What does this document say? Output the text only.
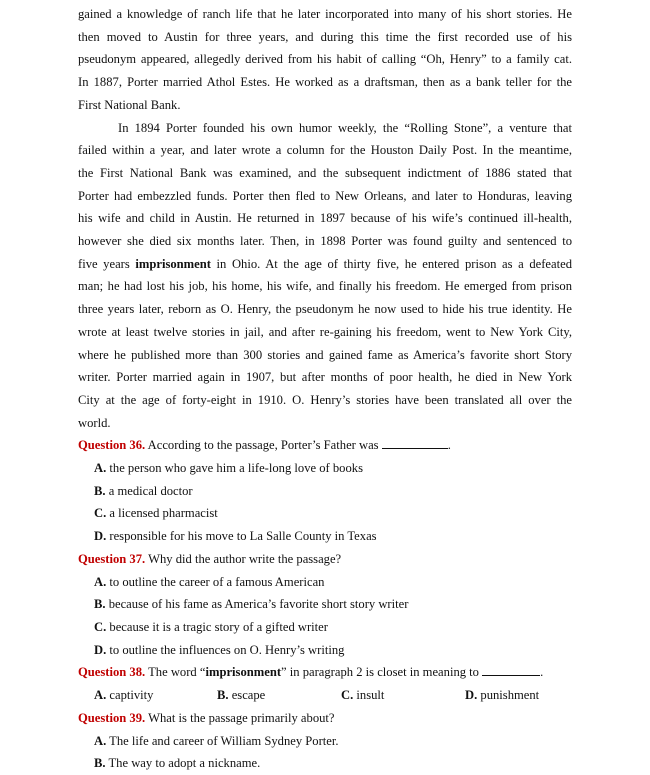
gained a knowledge of ranch life that he later incorporated into many of his short stories. He
then moved to Austin for three years, and during this time the first recorded use of his
pseudonym appeared, allegedly derived from his habit of calling “Oh, Henry” to a family cat.
In 1887, Porter married Athol Estes. He worked as a draftsman, then as a bank teller for the
First National Bank.
In 1894 Porter founded his own humor weekly, the “Rolling Stone”, a venture that
failed within a year, and later wrote a column for the Houston Daily Post. In the meantime,
the First National Bank was examined, and the subsequent indictment of 1886 stated that
Porter had embezzled funds. Porter then fled to New Orleans, and later to Honduras, leaving
his wife and child in Austin. He returned in 1897 because of his wife’s continued ill-health,
however she died six months later. Then, in 1898 Porter was found guilty and sentenced to
five years imprisonment in Ohio. At the age of thirty five, he entered prison as a defeated
man; he had lost his job, his home, his wife, and finally his freedom. He emerged from prison
three years later, reborn as O. Henry, the pseudonym he now used to hide his true identity. He
wrote at least twelve stories in jail, and after re-gaining his freedom, went to New York City,
where he published more than 300 stories and gained fame as America’s favorite short Story
writer. Porter married again in 1907, but after months of poor health, he died in New York
City at the age of forty-eight in 1910. O. Henry’s stories have been translated all over the
world.

Question 36. According to the passage, Porter’s Father was	.

A. the person who gave him a life-long love of books

B. a medical doctor

C. a licensed pharmacist

D. responsible for his move to La Salle County in Texas

Question 37. Why did the author write the passage?

A. to outline the career of a famous American

B. because of his fame as America’s favorite short story writer

C. because it is a tragic story of a gifted writer

D. to outline the influences on O. Henry’s writing

Question 38. The word “imprisonment” in paragraph 2 is closet in meaning to	.

A. captivity	B. escape	C. insult	D. punishment

Question 39. What is the passage primarily about?

A. The life and career of William Sydney Porter.

B. The way to adopt a nickname.
